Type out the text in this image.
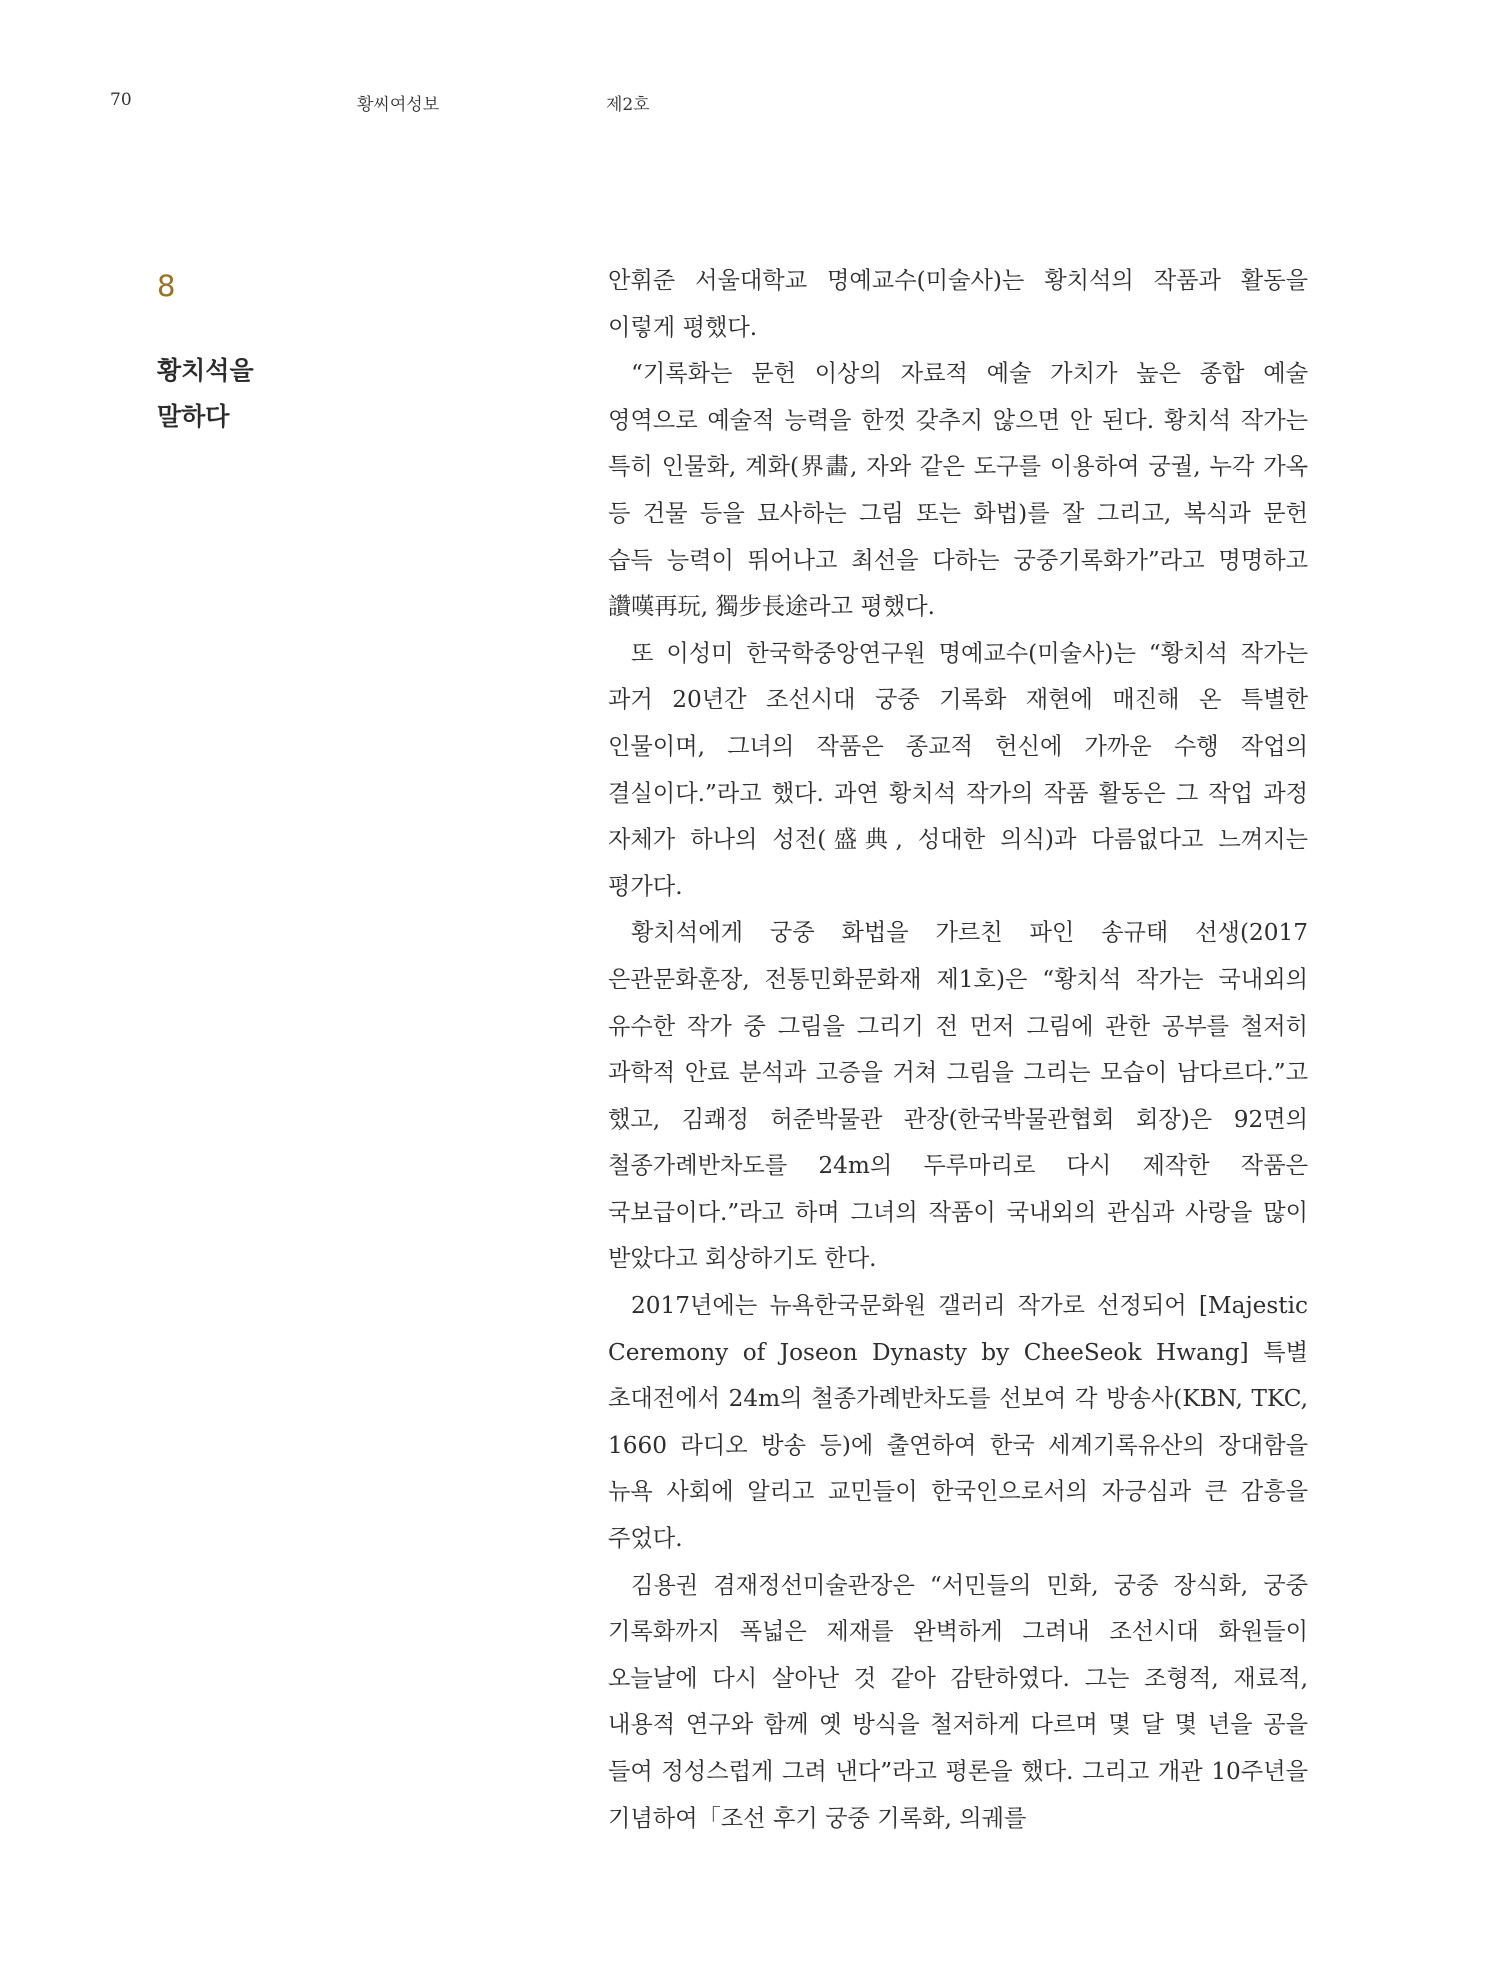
70	황씨여성보	제2호
8
황치석을
말하다

안휘준 서울대학교 명예교수(미술사)는 황치석의 작품과 활동을 이렇게 평했다.

“기록화는 문헌 이상의 자료적 예술 가치가 높은 종합 예술 영역으로 예술적 능력을 한껏 갖추지 않으면 안 된다. 황치석 작가는 특히 인물화, 계화(界畵, 자와 같은 도구를 이용하여 궁궐, 누각 가옥 등 건물 등을 묘사하는 그림 또는 화법)를 잘 그리고, 복식과 문헌 습득 능력이 뛰어나고 최선을 다하는 궁중기록화가”라고 명명하고 讚嘆再玩, 獨步長途라고 평했다.

또 이성미 한국학중앙연구원 명예교수(미술사)는 “황치석 작가는 과거 20년간 조선시대 궁중 기록화 재현에 매진해 온 특별한 인물이며, 그녀의 작품은 종교적 헌신에 가까운 수행 작업의 결실이다.”라고 했다. 과연 황치석 작가의 작품 활동은 그 작업 과정 자체가 하나의 성전(盛典, 성대한 의식)과 다름없다고 느껴지는 평가다.

황치석에게 궁중 화법을 가르친 파인 송규태 선생(2017 은관문화훈장, 전통민화문화재 제1호)은 “황치석 작가는 국내외의 유수한 작가 중 그림을 그리기 전 먼저 그림에 관한 공부를 철저히 과학적 안료 분석과 고증을 거쳐 그림을 그리는 모습이 남다르다.”고 했고, 김쾌정 허준박물관 관장(한국박물관협회 회장)은 92면의 철종가례반차도를 24m의 두루마리로 다시 제작한 작품은 국보급이다.”라고 하며 그녀의 작품이 국내외의 관심과 사랑을 많이 받았다고 회상하기도 한다.

2017년에는 뉴욕한국문화원 갤러리 작가로 선정되어 [Majestic Ceremony of Joseon Dynasty by CheeSeok Hwang] 특별 초대전에서 24m의 철종가례반차도를 선보여 각 방송사(KBN, TKC, 1660 라디오 방송 등)에 출연하여 한국 세계기록유산의 장대함을 뉴욕 사회에 알리고 교민들이 한국인으로서의 자긍심과 큰 감흥을 주었다.

김용권 겸재정선미술관장은 “서민들의 민화, 궁중 장식화, 궁중 기록화까지 폭넓은 제재를 완벽하게 그려내 조선시대 화원들이 오늘날에 다시 살아난 것 같아 감탄하였다. 그는 조형적, 재료적, 내용적 연구와 함께 옛 방식을 철저하게 다르며 몇 달 몇 년을 공을 들여 정성스럽게 그려 낸다”라고 평론을 했다. 그리고 개관 10주년을 기념하여「조선 후기 궁중 기록화, 의궤를
